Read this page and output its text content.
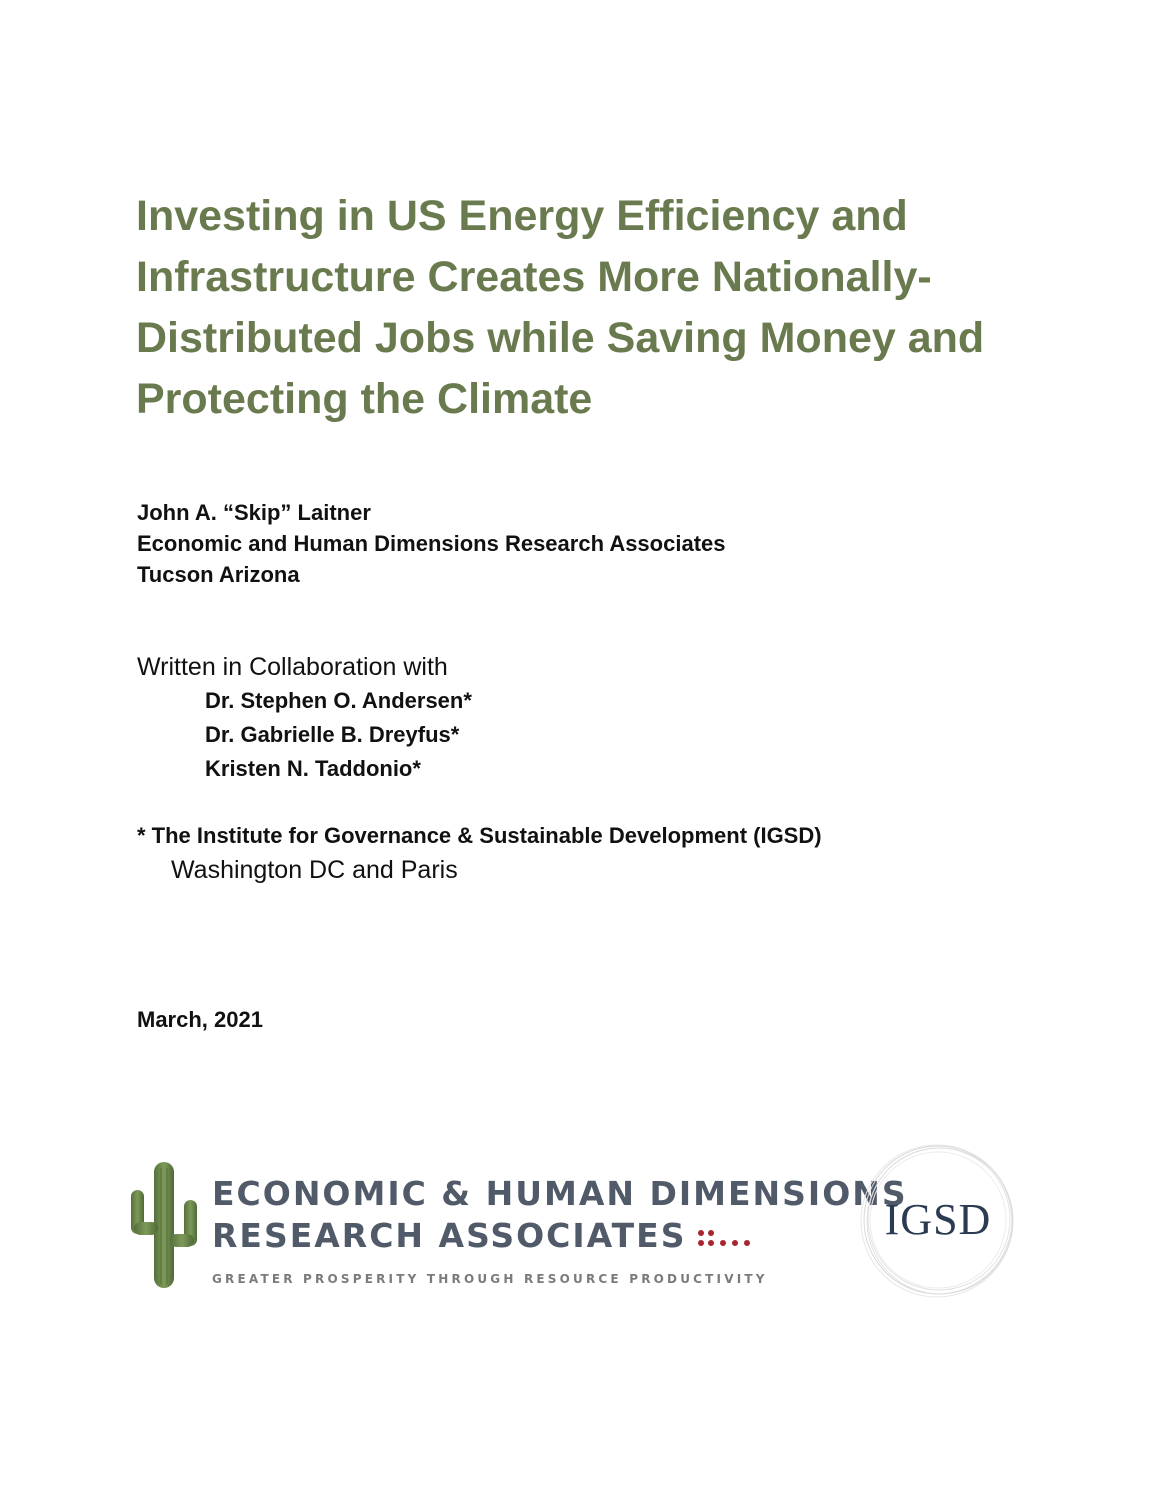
Investing in US Energy Efficiency and
Infrastructure Creates More Nationally-
Distributed Jobs while Saving Money and
Protecting the Climate
John A. “Skip” Laitner
Economic and Human Dimensions Research Associates
Tucson Arizona
Written in Collaboration with
Dr. Stephen O. Andersen*
Dr. Gabrielle B. Dreyfus*
Kristen N. Taddonio*
* The Institute for Governance & Sustainable Development (IGSD)
Washington DC and Paris
March, 2021
ECONOMIC & HUMAN DIMENSIONS
RESEARCH ASSOCIATES
GREATER PROSPERITY THROUGH RESOURCE PRODUCTIVITY
IGSD
